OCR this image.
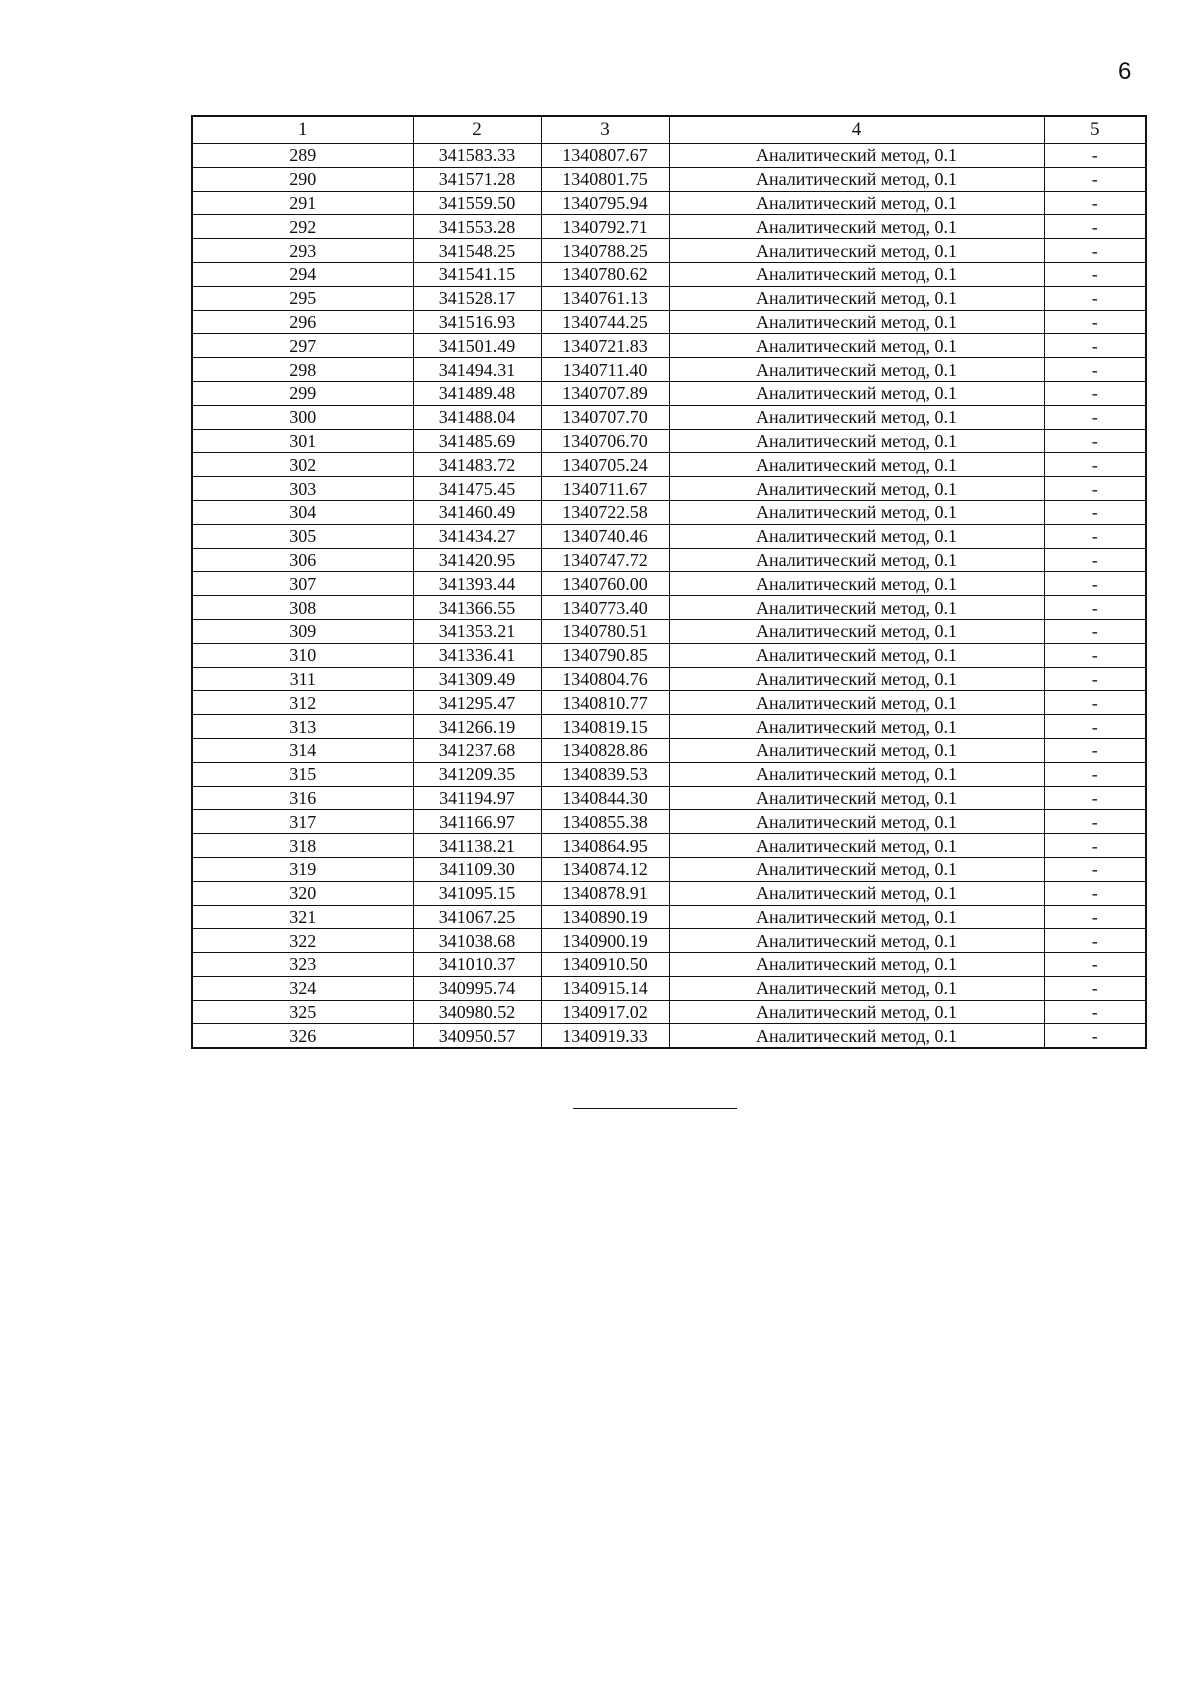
6
1	2	3	4	5
289	341583.33	1340807.67	Аналитический метод, 0.1	-
290	341571.28	1340801.75	Аналитический метод, 0.1	-
291	341559.50	1340795.94	Аналитический метод, 0.1	-
292	341553.28	1340792.71	Аналитический метод, 0.1	-
293	341548.25	1340788.25	Аналитический метод, 0.1	-
294	341541.15	1340780.62	Аналитический метод, 0.1	-
295	341528.17	1340761.13	Аналитический метод, 0.1	-
296	341516.93	1340744.25	Аналитический метод, 0.1	-
297	341501.49	1340721.83	Аналитический метод, 0.1	-
298	341494.31	1340711.40	Аналитический метод, 0.1	-
299	341489.48	1340707.89	Аналитический метод, 0.1	-
300	341488.04	1340707.70	Аналитический метод, 0.1	-
301	341485.69	1340706.70	Аналитический метод, 0.1	-
302	341483.72	1340705.24	Аналитический метод, 0.1	-
303	341475.45	1340711.67	Аналитический метод, 0.1	-
304	341460.49	1340722.58	Аналитический метод, 0.1	-
305	341434.27	1340740.46	Аналитический метод, 0.1	-
306	341420.95	1340747.72	Аналитический метод, 0.1	-
307	341393.44	1340760.00	Аналитический метод, 0.1	-
308	341366.55	1340773.40	Аналитический метод, 0.1	-
309	341353.21	1340780.51	Аналитический метод, 0.1	-
310	341336.41	1340790.85	Аналитический метод, 0.1	-
311	341309.49	1340804.76	Аналитический метод, 0.1	-
312	341295.47	1340810.77	Аналитический метод, 0.1	-
313	341266.19	1340819.15	Аналитический метод, 0.1	-
314	341237.68	1340828.86	Аналитический метод, 0.1	-
315	341209.35	1340839.53	Аналитический метод, 0.1	-
316	341194.97	1340844.30	Аналитический метод, 0.1	-
317	341166.97	1340855.38	Аналитический метод, 0.1	-
318	341138.21	1340864.95	Аналитический метод, 0.1	-
319	341109.30	1340874.12	Аналитический метод, 0.1	-
320	341095.15	1340878.91	Аналитический метод, 0.1	-
321	341067.25	1340890.19	Аналитический метод, 0.1	-
322	341038.68	1340900.19	Аналитический метод, 0.1	-
323	341010.37	1340910.50	Аналитический метод, 0.1	-
324	340995.74	1340915.14	Аналитический метод, 0.1	-
325	340980.52	1340917.02	Аналитический метод, 0.1	-
326	340950.57	1340919.33	Аналитический метод, 0.1	-
